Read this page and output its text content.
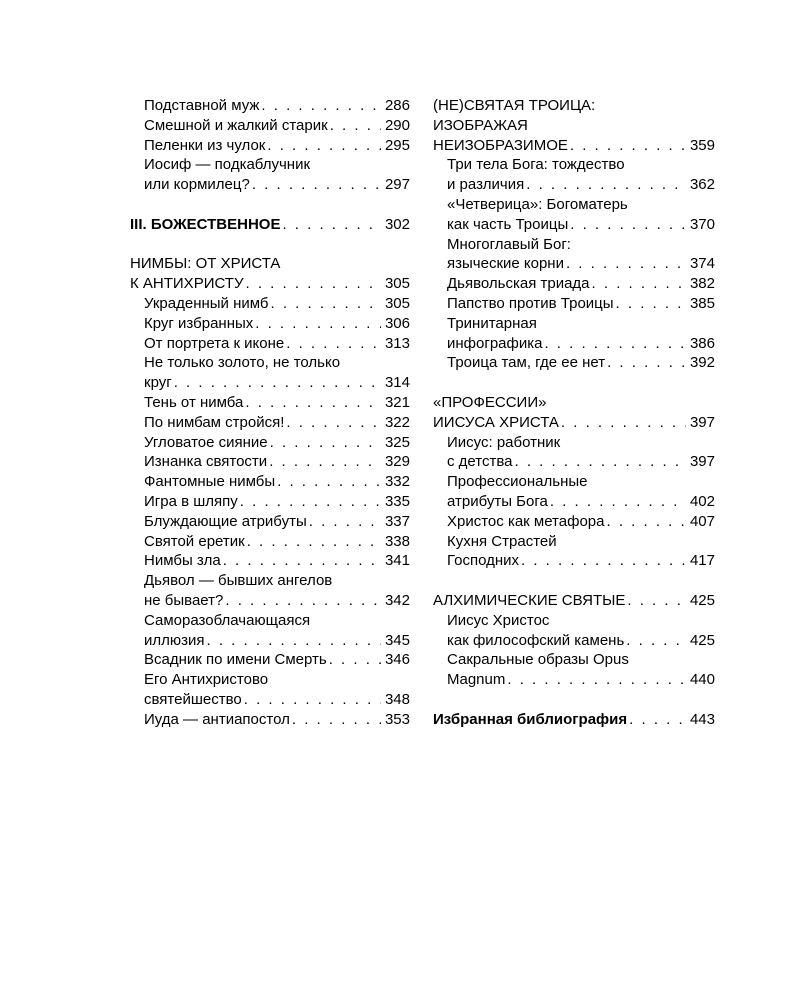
Подставной муж . . .	286
Смешной и жалкий старик . . .	290
Пеленки из чулок . . .	295
Иосиф — подкаблучник
или кормилец? . . .	297
III. БОЖЕСТВЕННОЕ . . .	302
НИМБЫ: ОТ ХРИСТА
К АНТИХРИСТУ . . .	305
Украденный нимб . . .	305
Круг избранных . . .	306
От портрета к иконе . . .	313
Не только золото, не только
круг . . .	314
Тень от нимба . . .	321
По нимбам стройся! . . .	322
Угловатое сияние . . .	325
Изнанка святости . . .	329
Фантомные нимбы . . .	332
Игра в шляпу . . .	335
Блуждающие атрибуты . . .	337
Святой еретик . . .	338
Нимбы зла . . .	341
Дьявол — бывших ангелов
не бывает? . . .	342
Саморазоблачающаяся
иллюзия . . .	345
Всадник по имени Смерть . . .	346
Его Антихристово
святейшество . . .	348
Иуда — антиапостол . . .	353
(НЕ)СВЯТАЯ ТРОИЦА:
ИЗОБРАЖАЯ
НЕИЗОБРАЗИМОЕ . . .	359
Три тела Бога: тождество
и различия . . .	362
«Четверица»: Богоматерь
как часть Троицы . . .	370
Многоглавый Бог:
языческие корни . . .	374
Дьявольская триада . . .	382
Папство против Троицы . . .	385
Тринитарная
инфографика . . .	386
Троица там, где ее нет . . .	392
«ПРОФЕССИИ»
ИИСУСА ХРИСТА . . .	397
Иисус: работник
с детства . . .	397
Профессиональные
атрибуты Бога . . .	402
Христос как метафора . . .	407
Кухня Страстей
Господних . . .	417
АЛХИМИЧЕСКИЕ СВЯТЫЕ . . .	425
Иисус Христос
как философский камень . . .	425
Сакральные образы Opus
Magnum . . .	440
Избранная библиография . . .	443
